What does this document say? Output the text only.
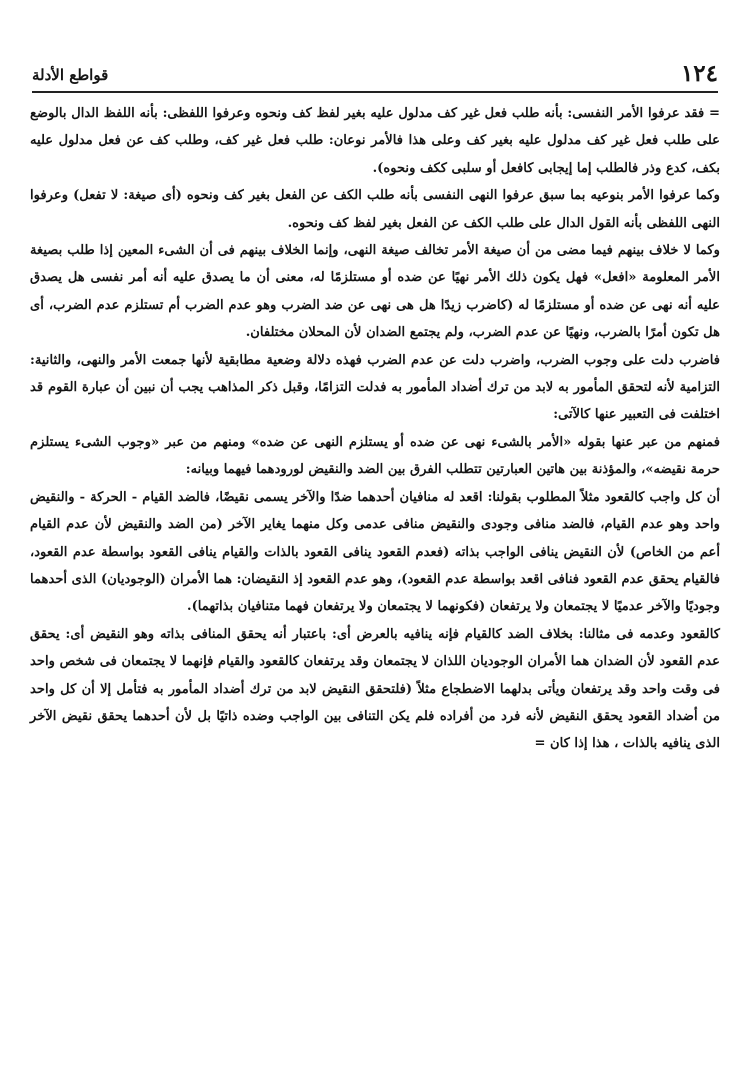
١٢٤
قواطع الأدلة

= فقد عرفوا الأمر النفسى: بأنه طلب فعل غير كف مدلول عليه بغير لفظ كف ونحوه وعرفوا اللفظى: بأنه اللفظ الدال بالوضع على طلب فعل غير كف مدلول عليه بغير كف وعلى هذا فالأمر نوعان: طلب فعل غير كف، وطلب كف عن فعل مدلول عليه بكف، كدع وذر فالطلب إما إيجابى كافعل أو سلبى ككف ونحوه).

وكما عرفوا الأمر بنوعيه بما سبق عرفوا النهى النفسى بأنه طلب الكف عن الفعل بغير كف ونحوه (أى صيغة: لا تفعل) وعرفوا النهى اللفظى بأنه القول الدال على طلب الكف عن الفعل بغير لفظ كف ونحوه.

وكما لا خلاف بينهم فيما مضى من أن صيغة الأمر تخالف صيغة النهى، وإنما الخلاف بينهم فى أن الشىء المعين إذا طلب بصيغة الأمر المعلومة «افعل» فهل يكون ذلك الأمر نهيًا عن ضده أو مستلزمًا له، معنى أن ما يصدق عليه أنه أمر نفسى هل يصدق عليه أنه نهى عن ضده أو مستلزمًا له (كاضرب زيدًا هل هى نهى عن ضد الضرب وهو عدم الضرب أم تستلزم عدم الضرب، أى هل تكون أمرًا بالضرب، ونهيًا عن عدم الضرب، ولم يجتمع الضدان لأن المحلان مختلفان.

فاضرب دلت على وجوب الضرب، واضرب دلت عن عدم الضرب فهذه دلالة وضعية مطابقية لأنها جمعت الأمر والنهى، والثانية: التزامية لأنه لتحقق المأمور به لابد من ترك أضداد المأمور به فدلت التزامًا، وقبل ذكر المذاهب يجب أن نبين أن عبارة القوم قد اختلفت فى التعبير عنها كالآتى:

فمنهم من عبر عنها بقوله «الأمر بالشىء نهى عن ضده أو يستلزم النهى عن ضده» ومنهم من عبر «وجوب الشىء يستلزم حرمة نقيضه»، والمؤذنة بين هاتين العبارتين تتطلب الفرق بين الضد والنقيض لورودهما فيهما وبيانه:

أن كل واجب كالقعود مثلاً المطلوب بقولنا: اقعد له منافيان أحدهما ضدًا والآخر يسمى نقيضًا، فالضد القيام - الحركة - والنقيض واحد وهو عدم القيام، فالضد منافى وجودى والنقيض منافى عدمى وكل منهما يغاير الآخر (من الضد والنقيض لأن عدم القيام أعم من الخاص) لأن النقيض ينافى الواجب بذاته (فعدم القعود ينافى القعود بالذات والقيام ينافى القعود بواسطة عدم القعود، فالقيام يحقق عدم القعود فنافى اقعد بواسطة عدم القعود)، وهو عدم القعود إذ النقيضان: هما الأمران (الوجوديان) الذى أحدهما وجوديًا والآخر عدميًا لا يجتمعان ولا يرتفعان (فكونهما لا يجتمعان ولا يرتفعان فهما متنافيان بذاتهما).

كالقعود وعدمه فى مثالنا: بخلاف الضد كالقيام فإنه ينافيه بالعرض أى: باعتبار أنه يحقق المنافى بذاته وهو النقيض أى: يحقق عدم القعود لأن الضدان هما الأمران الوجوديان اللذان لا يجتمعان وقد يرتفعان كالقعود والقيام فإنهما لا يجتمعان فى شخص واحد فى وقت واحد وقد يرتفعان ويأتى بدلهما الاضطجاع مثلاً (فلتحقق النقيض لابد من ترك أضداد المأمور به فتأمل إلا أن كل واحد من أضداد القعود يحقق النقيض لأنه فرد من أفراده فلم يكن التنافى بين الواجب وضده ذاتيًا بل لأن أحدهما يحقق نقيض الآخر الذى ينافيه بالذات ، هذا إذا كان =
